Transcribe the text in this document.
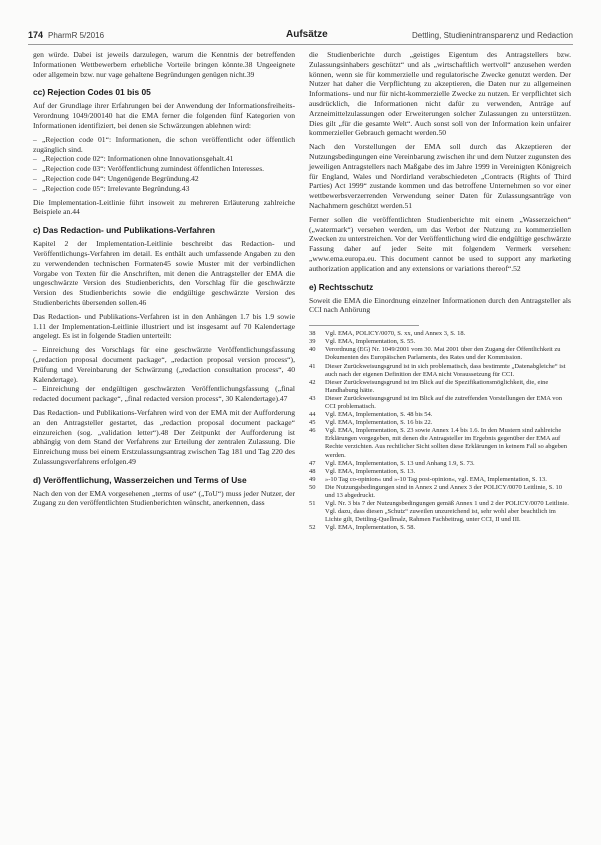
174 PharmR 5/2016	Aufsätze	Dettling, Studienintransparenz und Redaction

gen würde. Dabei ist jeweils darzulegen, warum die Kenntnis der betreffenden Informationen Wettbewerbern erhebliche Vorteile bringen könnte.38 Ungeeignete oder allgemein bzw. nur vage gehaltene Begründungen genügen nicht.39

cc) Rejection Codes 01 bis 05

Auf der Grundlage ihrer Erfahrungen bei der Anwendung der Informationsfreiheits-Verordnung 1049/200140 hat die EMA ferner die folgenden fünf Kategorien von Informationen identifiziert, bei denen sie Schwärzungen ablehnen wird:

– „Rejection code 01“: Informationen, die schon veröffentlicht oder öffentlich zugänglich sind.
– „Rejection code 02“: Informationen ohne Innovationsgehalt.41
– „Rejection code 03“: Veröffentlichung zumindest öffentlichen Interesses.
– „Rejection code 04“: Ungenügende Begründung.42
– „Rejection code 05“: Irrelevante Begründung.43

Die Implementation-Leitlinie führt insoweit zu mehreren Erläuterung zahlreiche Beispiele an.44

c) Das Redaction- und Publikations-Verfahren

Kapitel 2 der Implementation-Leitlinie beschreibt das Redaction- und Veröffentlichungs-Verfahren im detail. Es enthält auch umfassende Angaben zu den zu verwendenden technischen Formaten45 sowie Muster mit der verbindlichen Vorgabe von Texten für die Anschriften, mit denen die Antragsteller der EMA die ungeschwärzte Version des Studienberichts, den Vorschlag für die geschwärzte Version des Studienberichts sowie die endgültige geschwärzte Version des Studienberichts übersenden sollen.46

Das Redaction- und Publikations-Verfahren ist in den Anhängen 1.7 bis 1.9 sowie 1.11 der Implementation-Leitlinie illustriert und ist insgesamt auf 70 Kalendertage angelegt. Es ist in folgende Stadien unterteilt:

– Einreichung des Vorschlags für eine geschwärzte Veröffentlichungsfassung („redaction proposal document package“, „redaction proposal version process“), Prüfung und Vereinbarung der Schwärzung („redaction consultation process“, 40 Kalendertage).
– Einreichung der endgültigen geschwärzten Veröffentlichungsfassung („final redacted document package“, „final redacted version process“, 30 Kalendertage).47

Das Redaction- und Publikations-Verfahren wird von der EMA mit der Aufforderung an den Antragsteller gestartet, das „redaction proposal document package“ einzureichen (sog. „validation letter“).48 Der Zeitpunkt der Aufforderung ist abhängig von dem Stand der Verfahrens zur Erteilung der zentralen Zulassung. Die Einreichung muss bei einem Erstzulassungsantrag zwischen Tag 181 und Tag 220 des Zulassungsverfahrens erfolgen.49

d) Veröffentlichung, Wasserzeichen und Terms of Use

Nach den von der EMA vorgesehenen „terms of use“ („ToU“) muss jeder Nutzer, der Zugang zu den veröffentlichten Studienberichten wünscht, anerkennen, dass

die Studienberichte durch „geistiges Eigentum des Antragstellers bzw. Zulassungsinhabers geschützt“ und als „wirtschaftlich wertvoll“ anzusehen werden können, wenn sie für kommerzielle und regulatorische Zwecke genutzt werden. Der Nutzer hat daher die Verpflichtung zu akzeptieren, die Daten nur zu allgemeinen Informations- und nur für nicht-kommerzielle Zwecke zu nutzen. Er verpflichtet sich ausdrücklich, die Informationen nicht dafür zu verwenden, Anträge auf Arzneimittelzulassungen oder Erweiterungen solcher Zulassungen zu unterstützen. Dies gilt „für die gesamte Welt“. Auch sonst soll von der Information kein unfairer kommerzieller Gebrauch gemacht werden.50

Nach den Vorstellungen der EMA soll durch das Akzeptieren der Nutzungsbedingungen eine Vereinbarung zwischen ihr und dem Nutzer zugunsten des jeweiligen Antragstellers nach Maßgabe des im Jahre 1999 in Vereinigten Königreich für England, Wales und Nordirland verabschiedeten „Contracts (Rights of Third Parties) Act 1999“ zustande kommen und das betroffene Unternehmen so vor einer wettbewerbsverzerrenden Verwendung seiner Daten für Zulassungsanträge von Nachahmern geschützt werden.51

Ferner sollen die veröffentlichten Studienberichte mit einem „Wasserzeichen“ („watermark“) versehen werden, um das Verbot der Nutzung zu kommerziellen Zwecken zu unterstreichen. Vor der Veröffentlichung wird die endgültige geschwärzte Fassung daher auf jeder Seite mit folgendem Vermerk versehen: „www.ema.europa.eu. This document cannot be used to support any marketing authorization application and any extensions or variations thereof“.52

e) Rechtsschutz

Soweit die EMA die Einordnung einzelner Informationen durch den Antragsteller als CCI nach Anhörung

38 Vgl. EMA, POLICY/0070, S. xx, und Annex 3, S. 18.
39 Vgl. EMA, Implementation, S. 55.
40 Verordnung (EG) Nr. 1049/2001 vom 30. Mai 2001 über den Zugang der Öffentlichkeit zu Dokumenten des Europäischen Parlaments, des Rates und der Kommission.
41 Dieser Zurückweisungsgrund ist in sich problematisch, dass bestimmte „Datenabgleiche“ ist auch nach der eigenen Definition der EMA nicht Voraussetzung für CCI.
42 Dieser Zurückweisungsgrund ist im Blick auf die Spezifikationsmöglichkeit, die, eine Handhabung hätte.
43 Dieser Zurückweisungsgrund ist im Blick auf die zutreffenden Vorstellungen der EMA von CCI problematisch.
44 Vgl. EMA, Implementation, S. 48 bis 54.
45 Vgl. EMA, Implementation, S. 16 bis 22.
46 Vgl. EMA, Implementation, S. 23 sowie Annex 1.4 bis 1.6. In den Mustern sind zahlreiche Erklärungen vorgegeben, mit denen die Antragsteller im Ergebnis gegenüber der EMA auf Rechte verzichten. Aus rechtlicher Sicht sollten diese Erklärungen in keinem Fall so abgeben werden.
47 Vgl. EMA, Implementation, S. 13 und Anhang 1.9, S. 73.
48 Vgl. EMA, Implementation, S. 13.
49 »-10 Tag co-opinion« und »-10 Tag post-opinion«, vgl. EMA, Implementation, S. 13.
50 Die Nutzungsbedingungen sind in Annex 2 und Annex 3 der POLICY/0070 Leitlinie, S. 10 und 13 abgedruckt.
51 Vgl. Nr. 3 bis 7 der Nutzungsbedingungen gemäß Annex 1 und 2 der POLICY/0070 Leitlinie. Vgl. dazu, dass diesen „Schutz“ zuweilen unzureichend ist, sehr wohl aber beachtlich im Lichte gilt, Dettling-Quellmalz, Rahmen Fachbeitrag, unter CCI, II und III.
52 Vgl. EMA, Implementation, S. 58.
